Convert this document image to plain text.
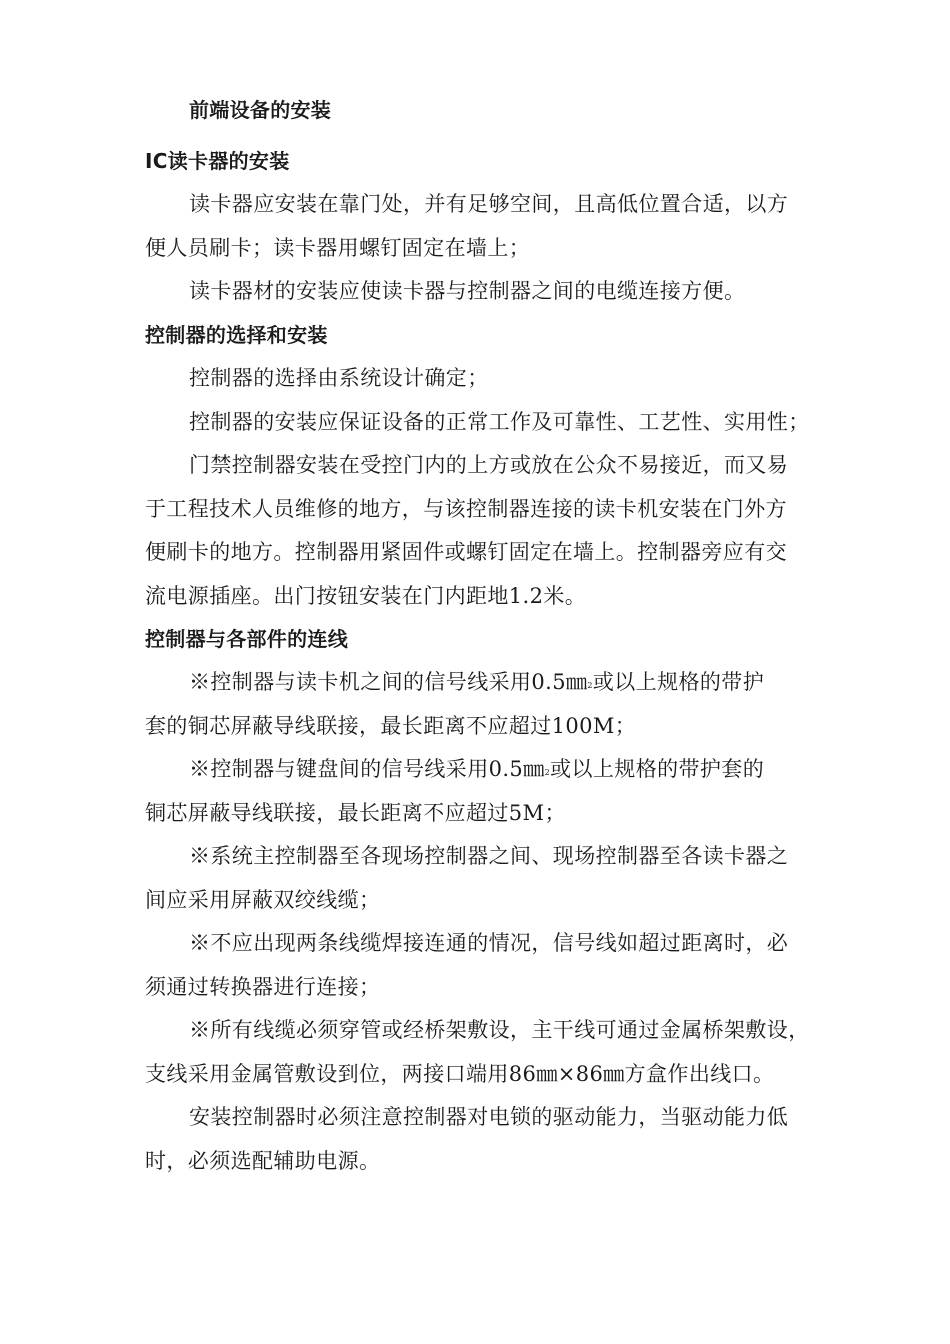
前端设备的安装
IC读卡器的安装
读卡器应安装在靠门处，并有足够空间，且高低位置合适，以方
便人员刷卡；读卡器用螺钉固定在墙上；
读卡器材的安装应使读卡器与控制器之间的电缆连接方便。
控制器的选择和安装
控制器的选择由系统设计确定；
控制器的安装应保证设备的正常工作及可靠性、工艺性、实用性；
门禁控制器安装在受控门内的上方或放在公众不易接近，而又易
于工程技术人员维修的地方，与该控制器连接的读卡机安装在门外方
便刷卡的地方。控制器用紧固件或螺钉固定在墙上。控制器旁应有交
流电源插座。出门按钮安装在门内距地1.2米。
控制器与各部件的连线
※控制器与读卡机之间的信号线采用0.5㎜$^2$或以上规格的带护
套的铜芯屏蔽导线联接，最长距离不应超过100M；
※控制器与键盘间的信号线采用0.5㎜$^2$或以上规格的带护套的
铜芯屏蔽导线联接，最长距离不应超过5M；
※系统主控制器至各现场控制器之间、现场控制器至各读卡器之
间应采用屏蔽双绞线缆；
※不应出现两条线缆焊接连通的情况，信号线如超过距离时，必
须通过转换器进行连接；
※所有线缆必须穿管或经桥架敷设，主干线可通过金属桥架敷设，
支线采用金属管敷设到位，两接口端用86㎜×86㎜方盒作出线口。
安装控制器时必须注意控制器对电锁的驱动能力，当驱动能力低
时，必须选配辅助电源。
